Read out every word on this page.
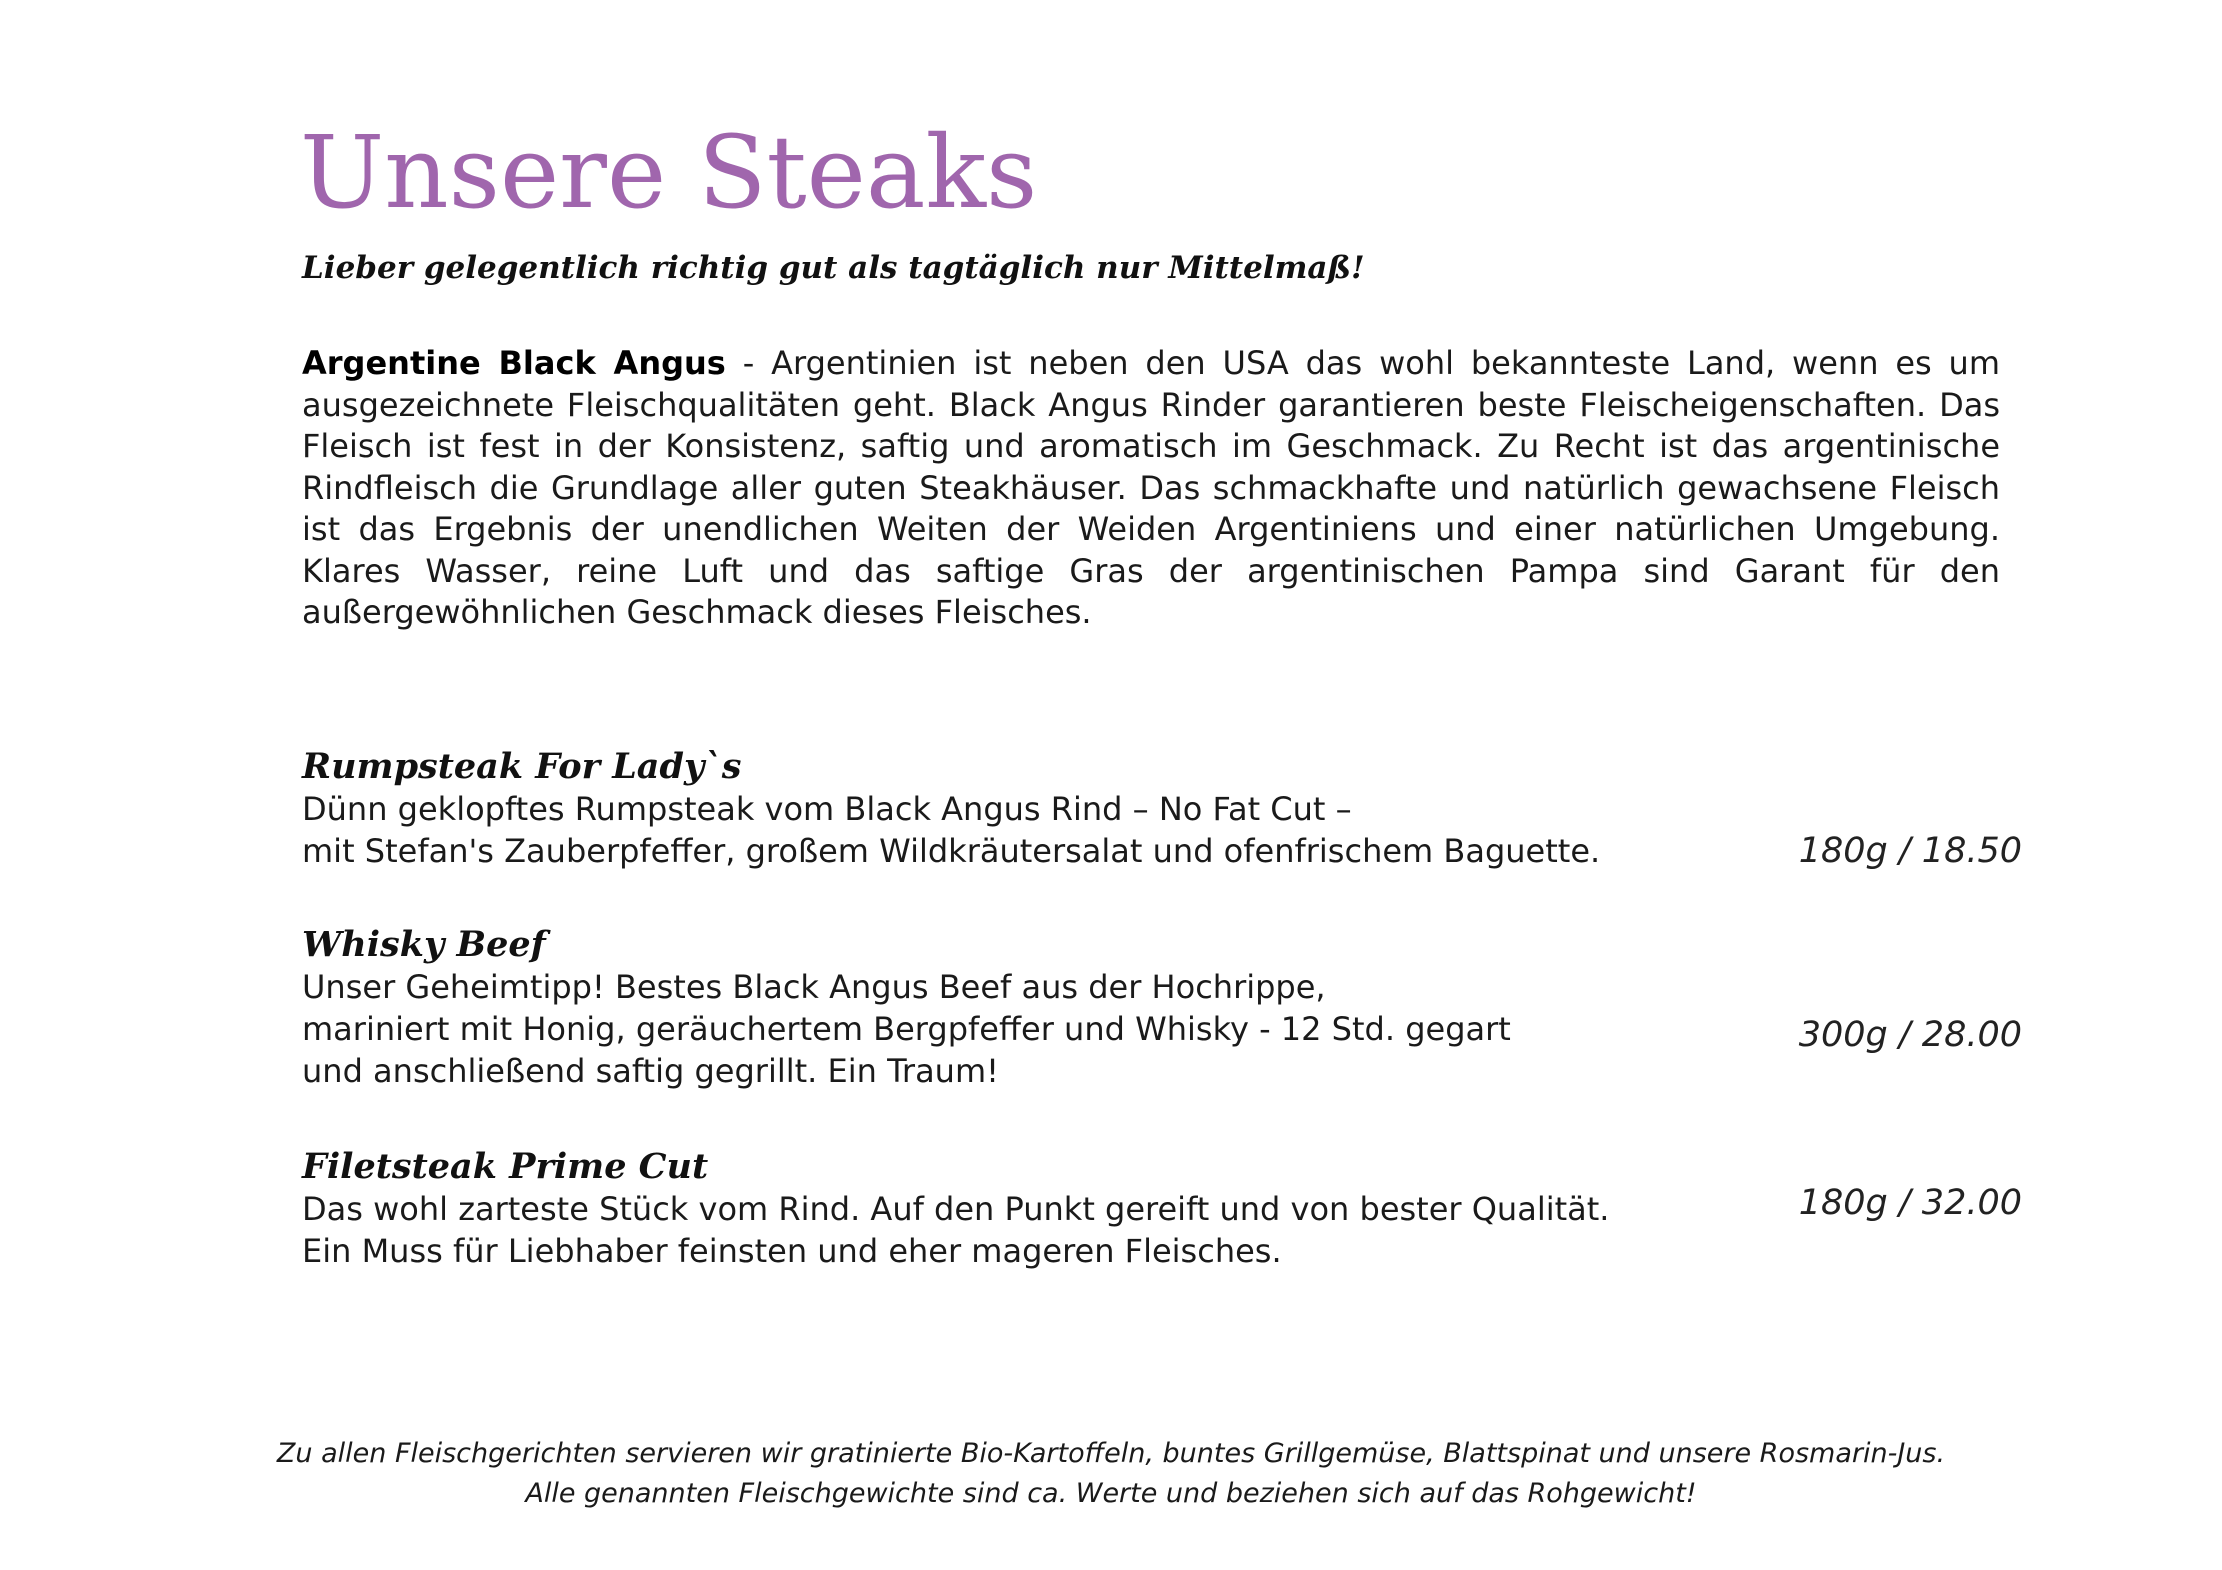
Unsere Steaks

Lieber gelegentlich richtig gut als tagtäglich nur Mittelmaß!

Argentine Black Angus - Argentinien ist neben den USA das wohl bekannteste Land, wenn es um ausgezeichnete Fleischqualitäten geht. Black Angus Rinder garantieren beste Fleischeigenschaften. Das Fleisch ist fest in der Konsistenz, saftig und aromatisch im Geschmack. Zu Recht ist das argentinische Rindfleisch die Grundlage aller guten Steakhäuser. Das schmackhafte und natürlich gewachsene Fleisch ist das Ergebnis der unendlichen Weiten der Weiden Argentiniens und einer natürlichen Umgebung. Klares Wasser, reine Luft und das saftige Gras der argentinischen Pampa sind Garant für den außergewöhnlichen Geschmack dieses Fleisches.

Rumpsteak For Lady`s

Dünn geklopftes Rumpsteak vom Black Angus Rind – No Fat Cut –
mit Stefan's Zauberpfeffer, großem Wildkräutersalat und ofenfrischem Baguette.	180g / 18.50

Whisky Beef

Unser Geheimtipp! Bestes Black Angus Beef aus der Hochrippe,
mariniert mit Honig, geräuchertem Bergpfeffer und Whisky - 12 Std. gegart
und anschließend saftig gegrillt. Ein Traum!

300g / 28.00

Filetsteak Prime Cut

Das wohl zarteste Stück vom Rind. Auf den Punkt gereift und von bester Qualität.
Ein Muss für Liebhaber feinsten und eher mageren Fleisches.

180g / 32.00

Zu allen Fleischgerichten servieren wir gratinierte Bio-Kartoffeln, buntes Grillgemüse, Blattspinat und unsere Rosmarin-Jus.
Alle genannten Fleischgewichte sind ca. Werte und beziehen sich auf das Rohgewicht!
